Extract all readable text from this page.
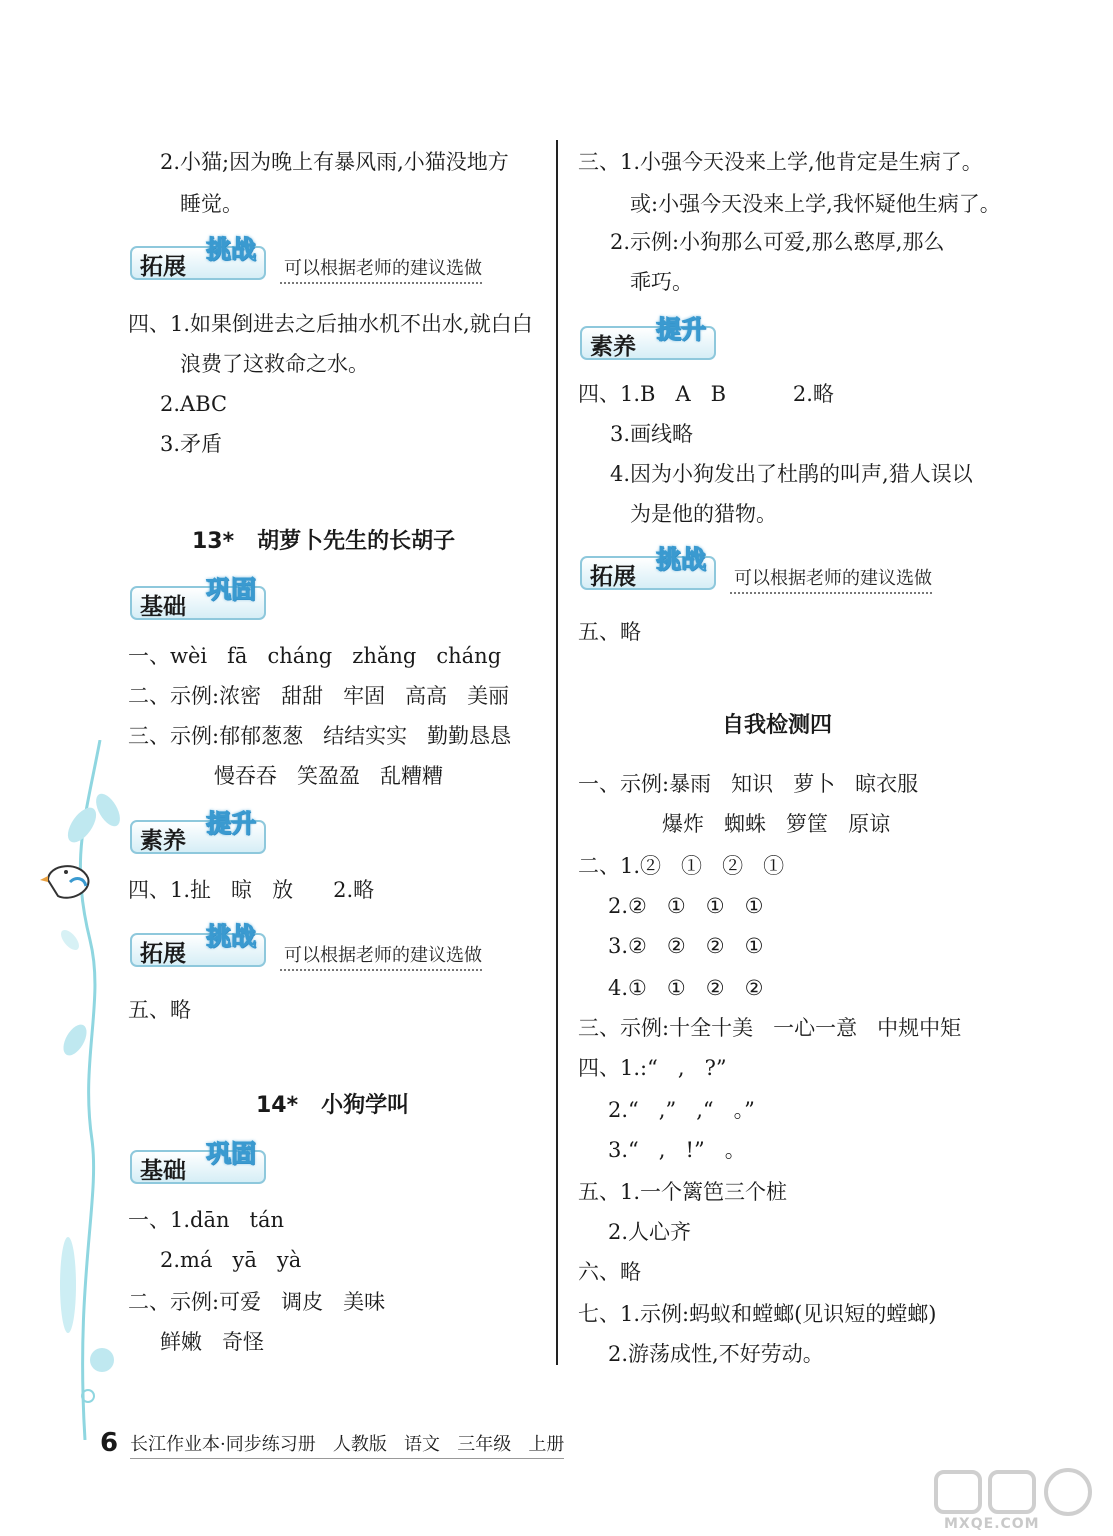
2.小猫;因为晚上有暴风雨,小猫没地方
睡觉。
拓展
挑战
可以根据老师的建议选做
四、1.如果倒进去之后抽水机不出水,就白白
浪费了这救命之水。
2.ABC
3.矛盾
13*   胡萝卜先生的长胡子
基础
巩固
一、wèi   fā   cháng   zhǎng   cháng
二、示例:浓密   甜甜   牢固   高高   美丽
三、示例:郁郁葱葱   结结实实   勤勤恳恳
慢吞吞   笑盈盈   乱糟糟
素养
提升
四、1.扯   晾   放      2.略
拓展
挑战
可以根据老师的建议选做
五、略
14*   小狗学叫
基础
巩固
一、1.dān   tán
2.má   yā   yà
二、示例:可爱   调皮   美味
鲜嫩   奇怪
三、1.小强今天没来上学,他肯定是生病了。
或:小强今天没来上学,我怀疑他生病了。
2.示例:小狗那么可爱,那么憨厚,那么
乖巧。
素养
提升
四、1.B   A   B          2.略
3.画线略
4.因为小狗发出了杜鹃的叫声,猎人误以
为是他的猎物。
拓展
挑战
可以根据老师的建议选做
五、略
自我检测四
一、示例:暴雨   知识   萝卜   晾衣服
爆炸   蜘蛛   箩筐   原谅
二、1.②   ①   ②   ①
2.②   ①   ①   ①
3.②   ②   ②   ①
4.①   ①   ②   ②
三、示例:十全十美   一心一意   中规中矩
四、1.:“   ,   ?”
2.“   ,”   ,“   。”
3.“   ,   !”   。
五、1.一个篱笆三个桩
2.人心齐
六、略
七、1.示例:蚂蚁和螳螂(见识短的螳螂)
2.游荡成性,不好劳动。
6 长江作业本·同步练习册   人教版   语文   三年级   上册
MXQE.COM
